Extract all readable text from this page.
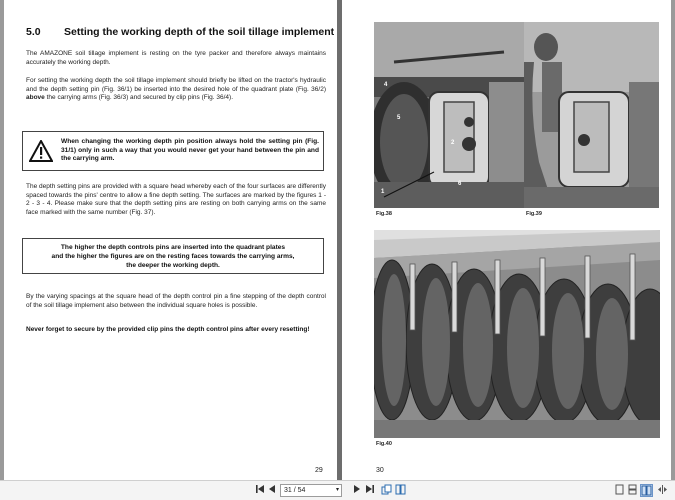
5.0 Setting the working depth of the soil tillage implement
The AMAZONE soil tillage implement is resting on the tyre packer and therefore always maintains accurately the working depth.
For setting the working depth the soil tillage implement should briefly be lifted on the tractor's hydraulic and the depth setting pin (Fig. 36/1) be inserted into the desired hole of the quadrant plate (Fig. 36/2) above the carrying arms (Fig. 36/3) and secured by clip pins (Fig. 36/4).
When changing the working depth pin position always hold the setting pin (Fig. 31/1) only in such a way that you would never get your hand between the pin and the carrying arm.
The depth setting pins are provided with a square head whereby each of the four surfaces are differently spaced towards the pins' centre to allow a fine depth setting. The surfaces are marked by the figures 1 - 2 - 3 - 4. Please make sure that the depth setting pins are resting on both carrying arms on the same face marked with the same number (Fig. 37).
The higher the depth controls pins are inserted into the quadrant plates
and the higher the figures are on the resting faces towards the carrying arms,
the deeper the working depth.
By the varying spacings at the square head of the depth control pin a fine stepping of the depth control of the soil tillage implement also between the individual square holes is possible.
Never forget to secure by the provided clip pins the depth control pins after every resetting!
29
4
5
2
6
1
Fig.38	Fig.39
Fig.40
30
31 / 54	▾
